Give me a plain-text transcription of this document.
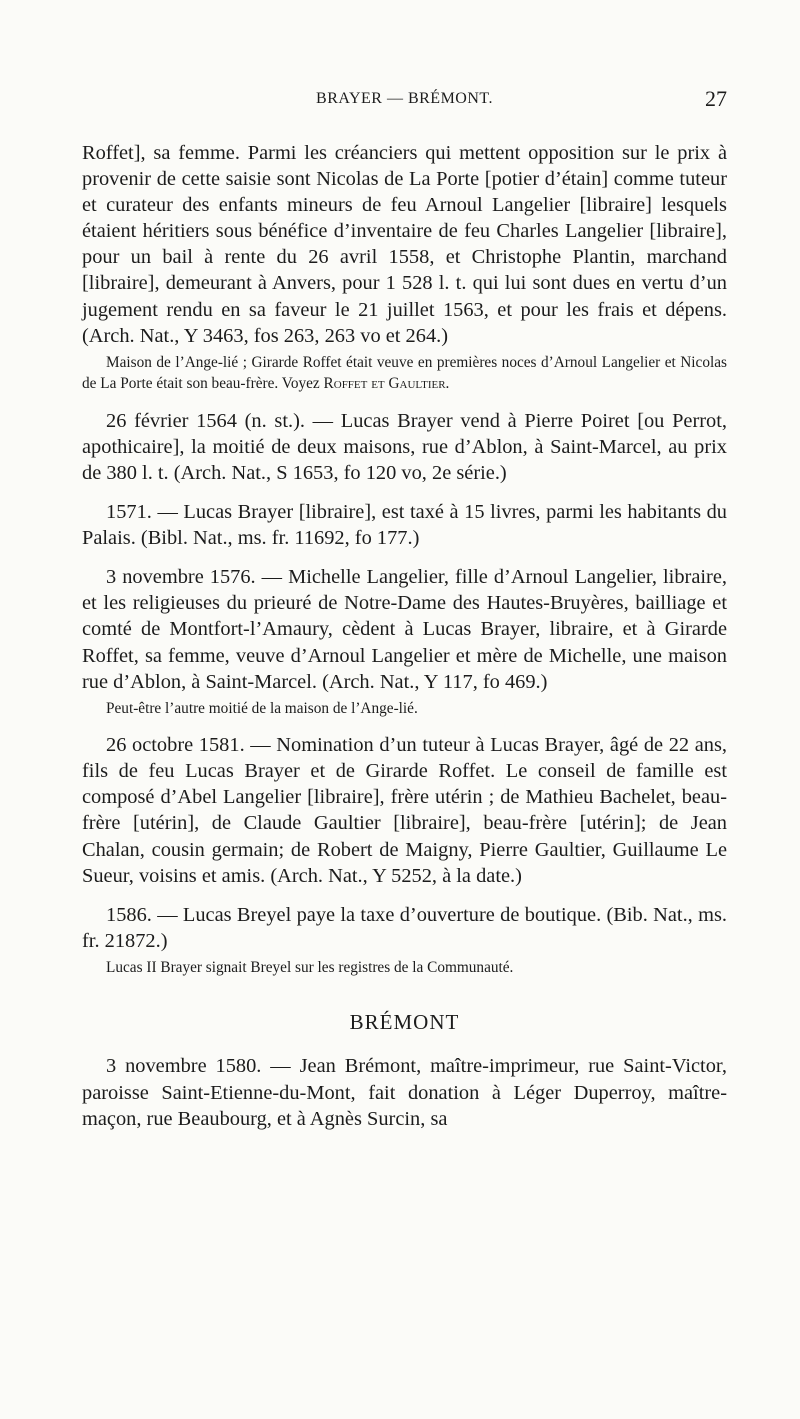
BRAYER — BRÉMONT.	27

Roffet], sa femme. Parmi les créanciers qui mettent opposition sur le prix à provenir de cette saisie sont Nicolas de La Porte [potier d’étain] comme tuteur et curateur des enfants mineurs de feu Arnoul Langelier [libraire] lesquels étaient héritiers sous bénéfice d’inventaire de feu Charles Langelier [libraire], pour un bail à rente du 26 avril 1558, et Christophe Plantin, marchand [libraire], demeurant à Anvers, pour 1 528 l. t. qui lui sont dues en vertu d’un jugement rendu en sa faveur le 21 juillet 1563, et pour les frais et dépens. (Arch. Nat., Y 3463, fos 263, 263 vo et 264.)

Maison de l’Ange-lié ; Girarde Roffet était veuve en premières noces d’Arnoul Langelier et Nicolas de La Porte était son beau-frère. Voyez Roffet et Gaultier.

26 février 1564 (n. st.). — Lucas Brayer vend à Pierre Poiret [ou Perrot, apothicaire], la moitié de deux maisons, rue d’Ablon, à Saint-Marcel, au prix de 380 l. t. (Arch. Nat., S 1653, fo 120 vo, 2e série.)

1571. — Lucas Brayer [libraire], est taxé à 15 livres, parmi les habitants du Palais. (Bibl. Nat., ms. fr. 11692, fo 177.)

3 novembre 1576. — Michelle Langelier, fille d’Arnoul Langelier, libraire, et les religieuses du prieuré de Notre-Dame des Hautes-Bruyères, bailliage et comté de Montfort-l’Amaury, cèdent à Lucas Brayer, libraire, et à Girarde Roffet, sa femme, veuve d’Arnoul Langelier et mère de Michelle, une maison rue d’Ablon, à Saint-Marcel. (Arch. Nat., Y 117, fo 469.)

Peut-être l’autre moitié de la maison de l’Ange-lié.

26 octobre 1581. — Nomination d’un tuteur à Lucas Brayer, âgé de 22 ans, fils de feu Lucas Brayer et de Girarde Roffet. Le conseil de famille est composé d’Abel Langelier [libraire], frère utérin ; de Mathieu Bachelet, beau-frère [utérin], de Claude Gaultier [libraire], beau-frère [utérin]; de Jean Chalan, cousin germain; de Robert de Maigny, Pierre Gaultier, Guillaume Le Sueur, voisins et amis. (Arch. Nat., Y 5252, à la date.)

1586. — Lucas Breyel paye la taxe d’ouverture de boutique. (Bib. Nat., ms. fr. 21872.)

Lucas II Brayer signait Breyel sur les registres de la Communauté.

BRÉMONT

3 novembre 1580. — Jean Brémont, maître-imprimeur, rue Saint-Victor, paroisse Saint-Etienne-du-Mont, fait donation à Léger Duperroy, maître-maçon, rue Beaubourg, et à Agnès Surcin, sa
